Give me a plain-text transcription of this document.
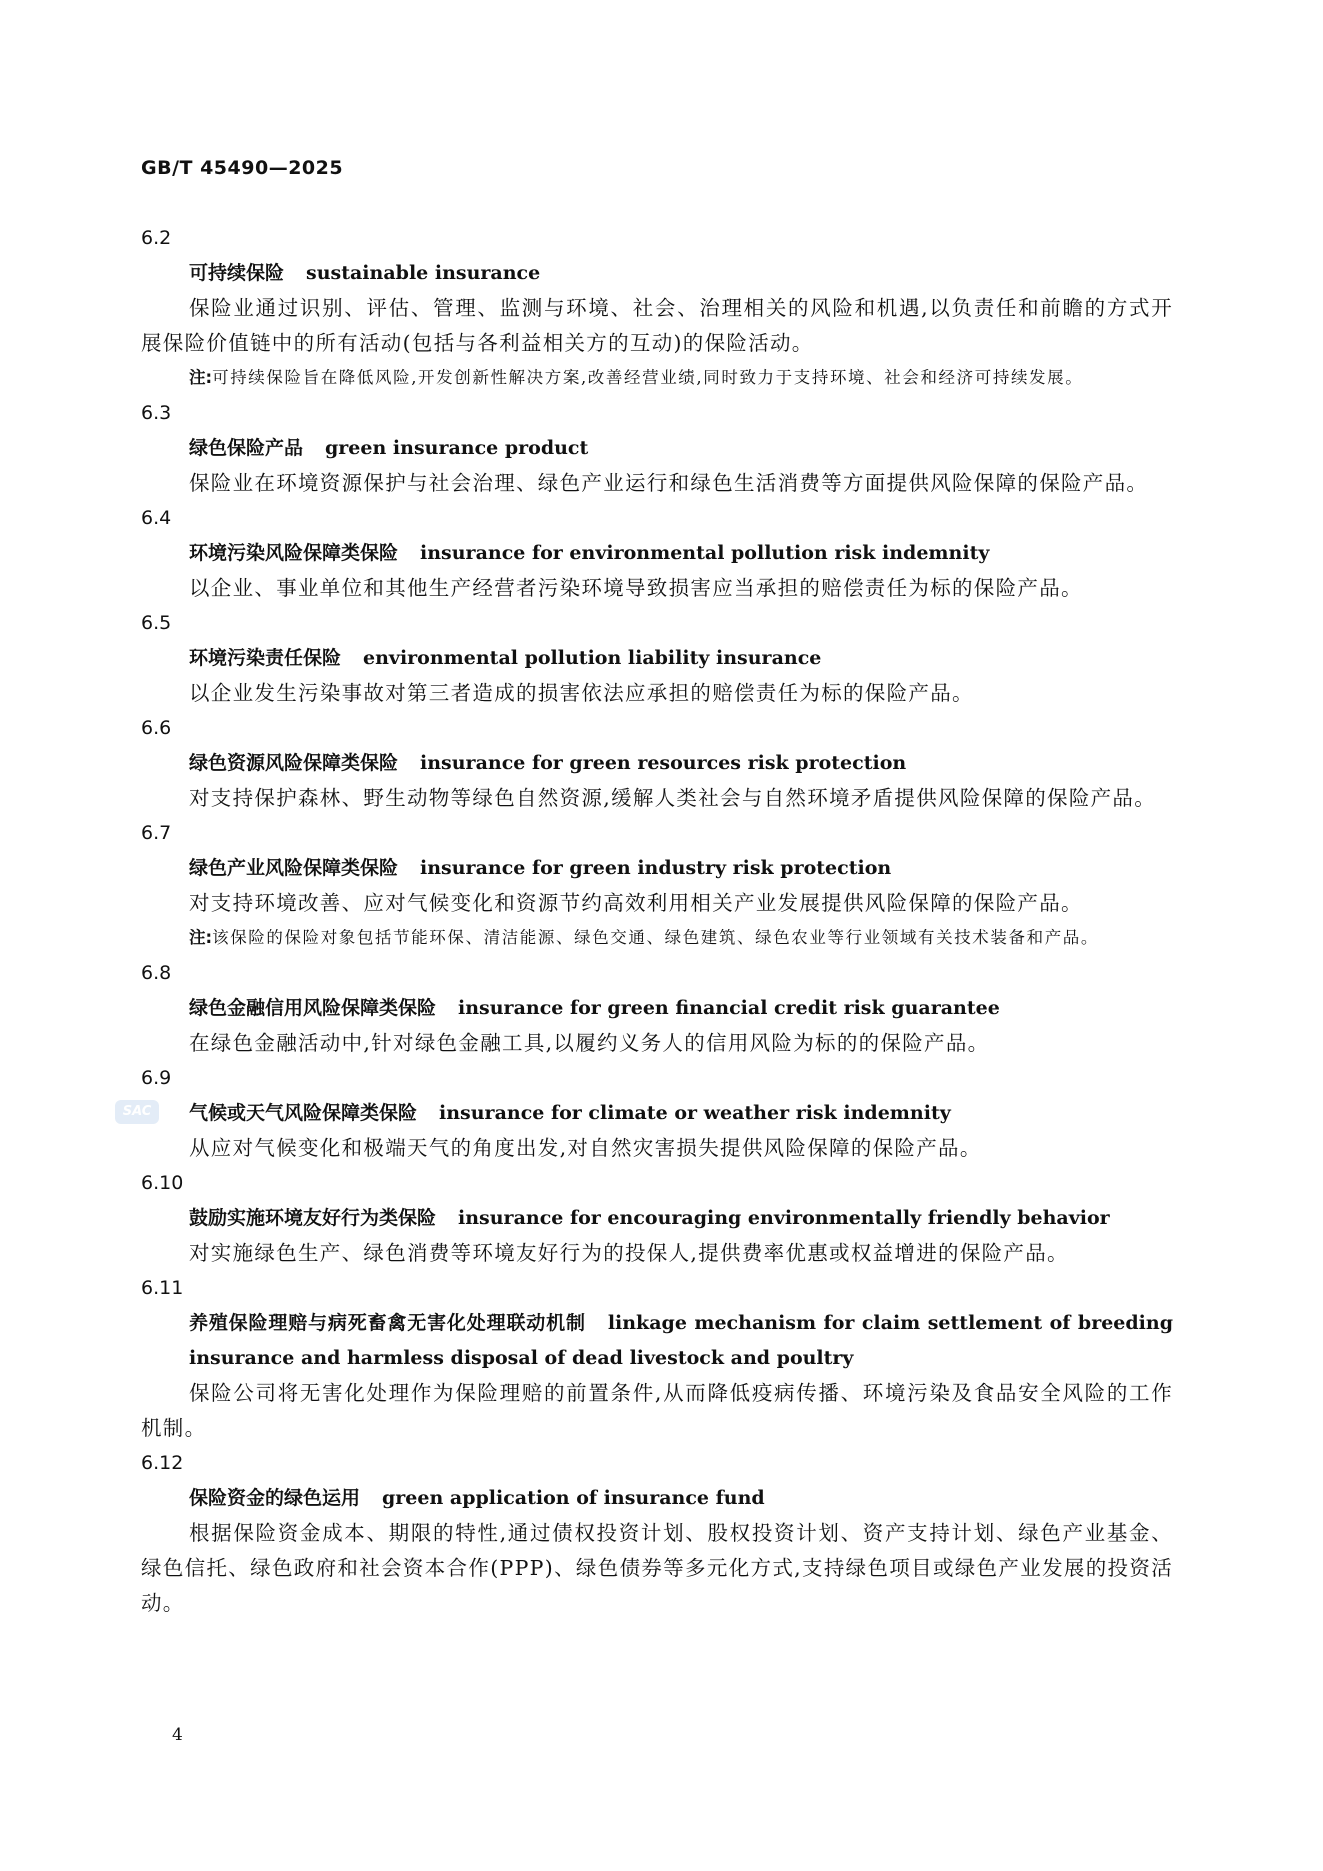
GB/T 45490—2025
SAC
6.2
可持续保险 sustainable insurance

保险业通过识别、评估、管理、监测与环境、社会、治理相关的风险和机遇,以负责任和前瞻的方式开展保险价值链中的所有活动(包括与各利益相关方的互动)的保险活动。

注:可持续保险旨在降低风险,开发创新性解决方案,改善经营业绩,同时致力于支持环境、社会和经济可持续发展。

6.3
绿色保险产品 green insurance product

保险业在环境资源保护与社会治理、绿色产业运行和绿色生活消费等方面提供风险保障的保险产品。

6.4
环境污染风险保障类保险 insurance for environmental pollution risk indemnity

以企业、事业单位和其他生产经营者污染环境导致损害应当承担的赔偿责任为标的保险产品。

6.5
环境污染责任保险 environmental pollution liability insurance

以企业发生污染事故对第三者造成的损害依法应承担的赔偿责任为标的保险产品。

6.6
绿色资源风险保障类保险 insurance for green resources risk protection

对支持保护森林、野生动物等绿色自然资源,缓解人类社会与自然环境矛盾提供风险保障的保险产品。

6.7
绿色产业风险保障类保险 insurance for green industry risk protection

对支持环境改善、应对气候变化和资源节约高效利用相关产业发展提供风险保障的保险产品。

注:该保险的保险对象包括节能环保、清洁能源、绿色交通、绿色建筑、绿色农业等行业领域有关技术装备和产品。

6.8
绿色金融信用风险保障类保险 insurance for green financial credit risk guarantee

在绿色金融活动中,针对绿色金融工具,以履约义务人的信用风险为标的的保险产品。

6.9
气候或天气风险保障类保险 insurance for climate or weather risk indemnity

从应对气候变化和极端天气的角度出发,对自然灾害损失提供风险保障的保险产品。

6.10
鼓励实施环境友好行为类保险 insurance for encouraging environmentally friendly behavior

对实施绿色生产、绿色消费等环境友好行为的投保人,提供费率优惠或权益增进的保险产品。

6.11
养殖保险理赔与病死畜禽无害化处理联动机制 linkage mechanism for claim settlement of breeding insurance and harmless disposal of dead livestock and poultry

保险公司将无害化处理作为保险理赔的前置条件,从而降低疫病传播、环境污染及食品安全风险的工作机制。

6.12
保险资金的绿色运用 green application of insurance fund

根据保险资金成本、期限的特性,通过债权投资计划、股权投资计划、资产支持计划、绿色产业基金、绿色信托、绿色政府和社会资本合作(PPP)、绿色债券等多元化方式,支持绿色项目或绿色产业发展的投资活动。

4
